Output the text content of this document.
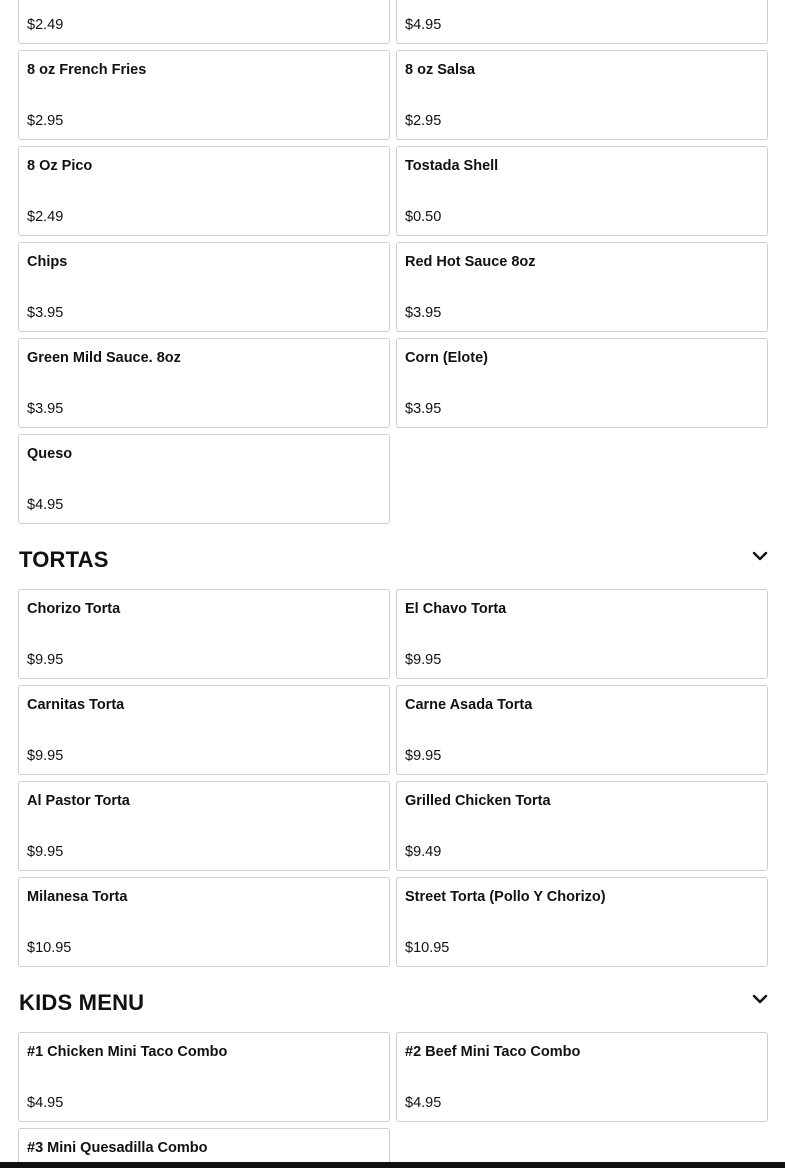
$2.49	$4.95
8 oz French Fries
$2.95
8 oz Salsa
$2.95
8 Oz Pico
$2.49
Tostada Shell
$0.50
Chips
$3.95
Red Hot Sauce 8oz
$3.95
Green Mild Sauce. 8oz
$3.95
Corn (Elote)
$3.95
Queso
$4.95
TORTAS
Chorizo Torta
$9.95
El Chavo Torta
$9.95
Carnitas Torta
$9.95
Carne Asada Torta
$9.95
Al Pastor Torta
$9.95
Grilled Chicken Torta
$9.49
Milanesa Torta
$10.95
Street Torta (Pollo Y Chorizo)
$10.95
KIDS MENU
#1 Chicken Mini Taco Combo
$4.95
#2 Beef Mini Taco Combo
$4.95
#3 Mini Quesadilla Combo
